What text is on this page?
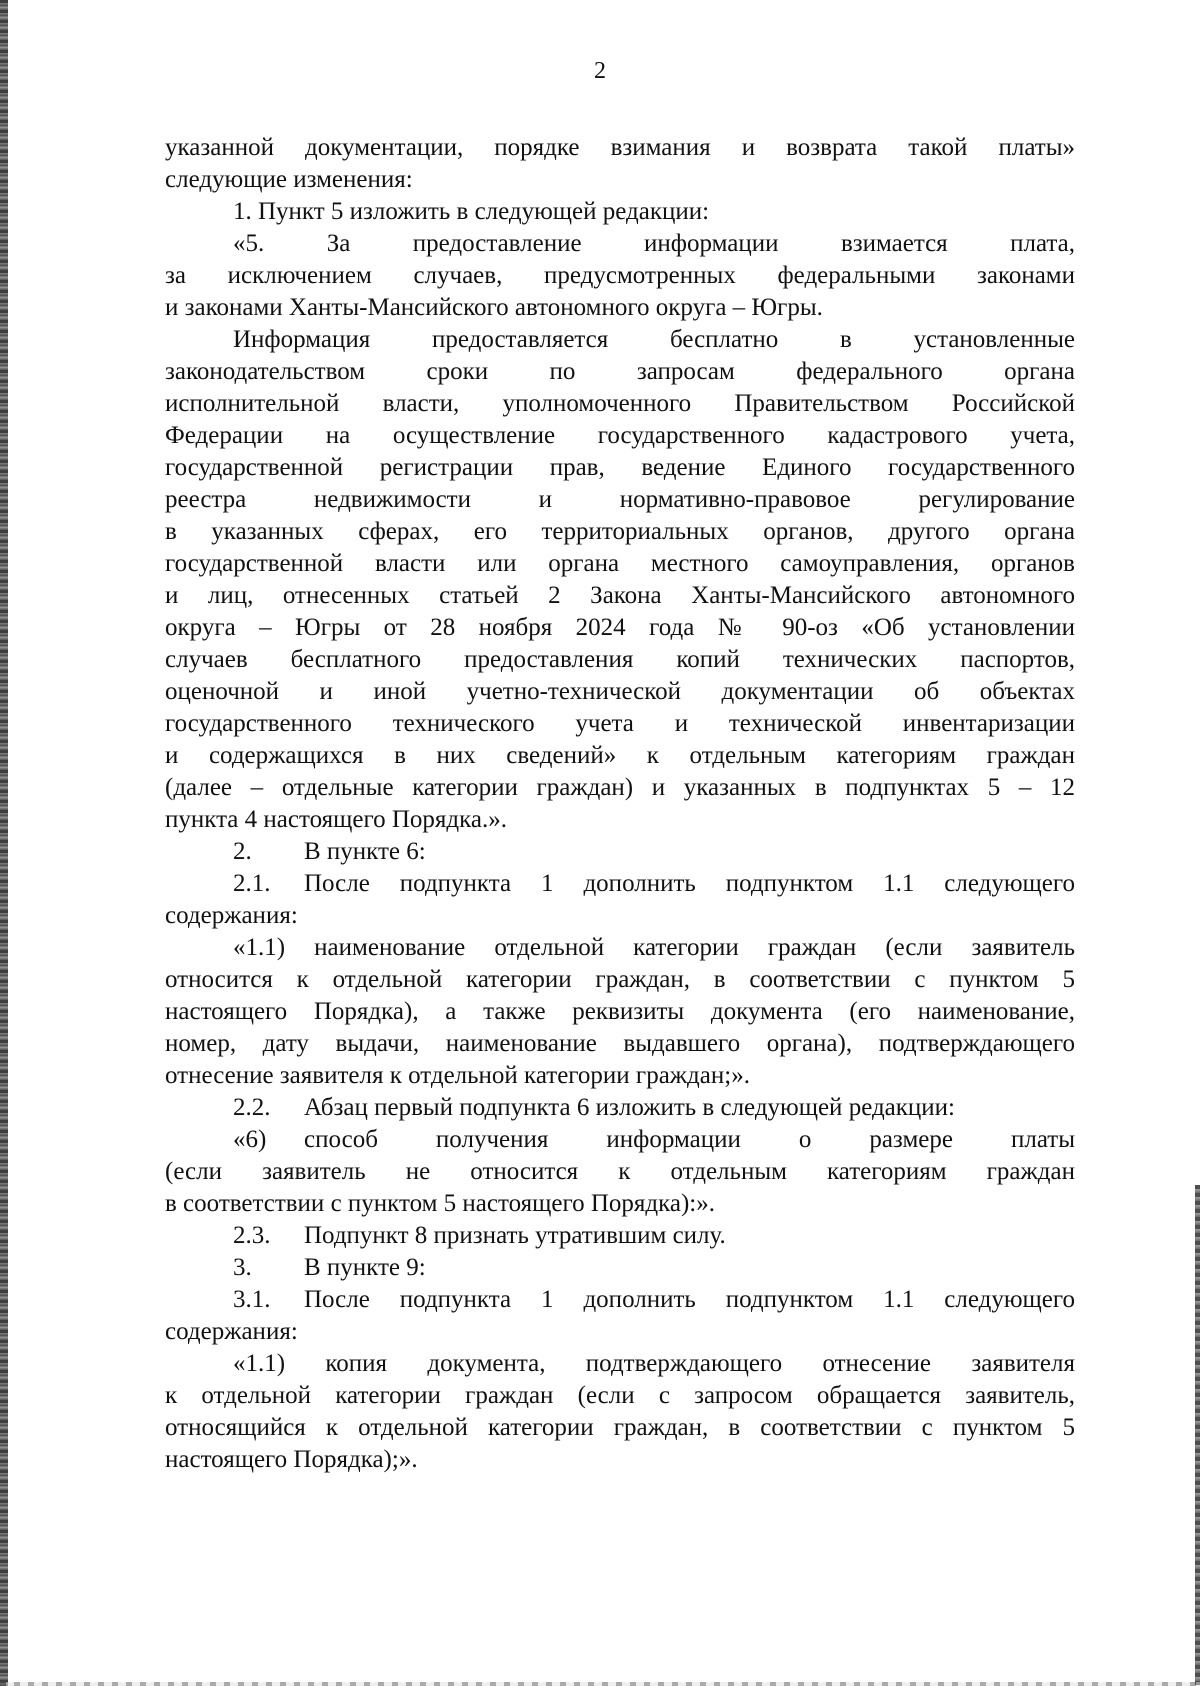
2
указанной документации, порядке взимания и возврата такой платы»
следующие изменения:
1. Пункт 5 изложить в следующей редакции:
«5. За предоставление информации взимается плата,
за исключением случаев, предусмотренных федеральными законами
и законами Ханты-Мансийского автономного округа – Югры.
Информация предоставляется бесплатно в установленные
законодательством сроки по запросам федерального органа
исполнительной власти, уполномоченного Правительством Российской
Федерации на осуществление государственного кадастрового учета,
государственной регистрации прав, ведение Единого государственного
реестра недвижимости и нормативно-правовое регулирование
в указанных сферах, его территориальных органов, другого органа
государственной власти или органа местного самоуправления, органов
и лиц, отнесенных статьей 2 Закона Ханты-Мансийского автономного
округа – Югры от 28 ноября 2024 года № 90-оз «Об установлении
случаев бесплатного предоставления копий технических паспортов,
оценочной и иной учетно-технической документации об объектах
государственного технического учета и технической инвентаризации
и содержащихся в них сведений» к отдельным категориям граждан
(далее – отдельные категории граждан) и указанных в подпунктах 5 – 12
пункта 4 настоящего Порядка.».
2. В пункте 6:
2.1. После подпункта 1 дополнить подпунктом 1.1 следующего
содержания:
«1.1) наименование отдельной категории граждан (если заявитель
относится к отдельной категории граждан, в соответствии с пунктом 5
настоящего Порядка), а также реквизиты документа (его наименование,
номер, дату выдачи, наименование выдавшего органа), подтверждающего
отнесение заявителя к отдельной категории граждан;».
2.2. Абзац первый подпункта 6 изложить в следующей редакции:
«6) способ получения информации о размере платы
(если заявитель не относится к отдельным категориям граждан
в соответствии с пунктом 5 настоящего Порядка):».
2.3. Подпункт 8 признать утратившим силу.
3. В пункте 9:
3.1. После подпункта 1 дополнить подпунктом 1.1 следующего
содержания:
«1.1) копия документа, подтверждающего отнесение заявителя
к отдельной категории граждан (если с запросом обращается заявитель,
относящийся к отдельной категории граждан, в соответствии с пунктом 5
настоящего Порядка);».
